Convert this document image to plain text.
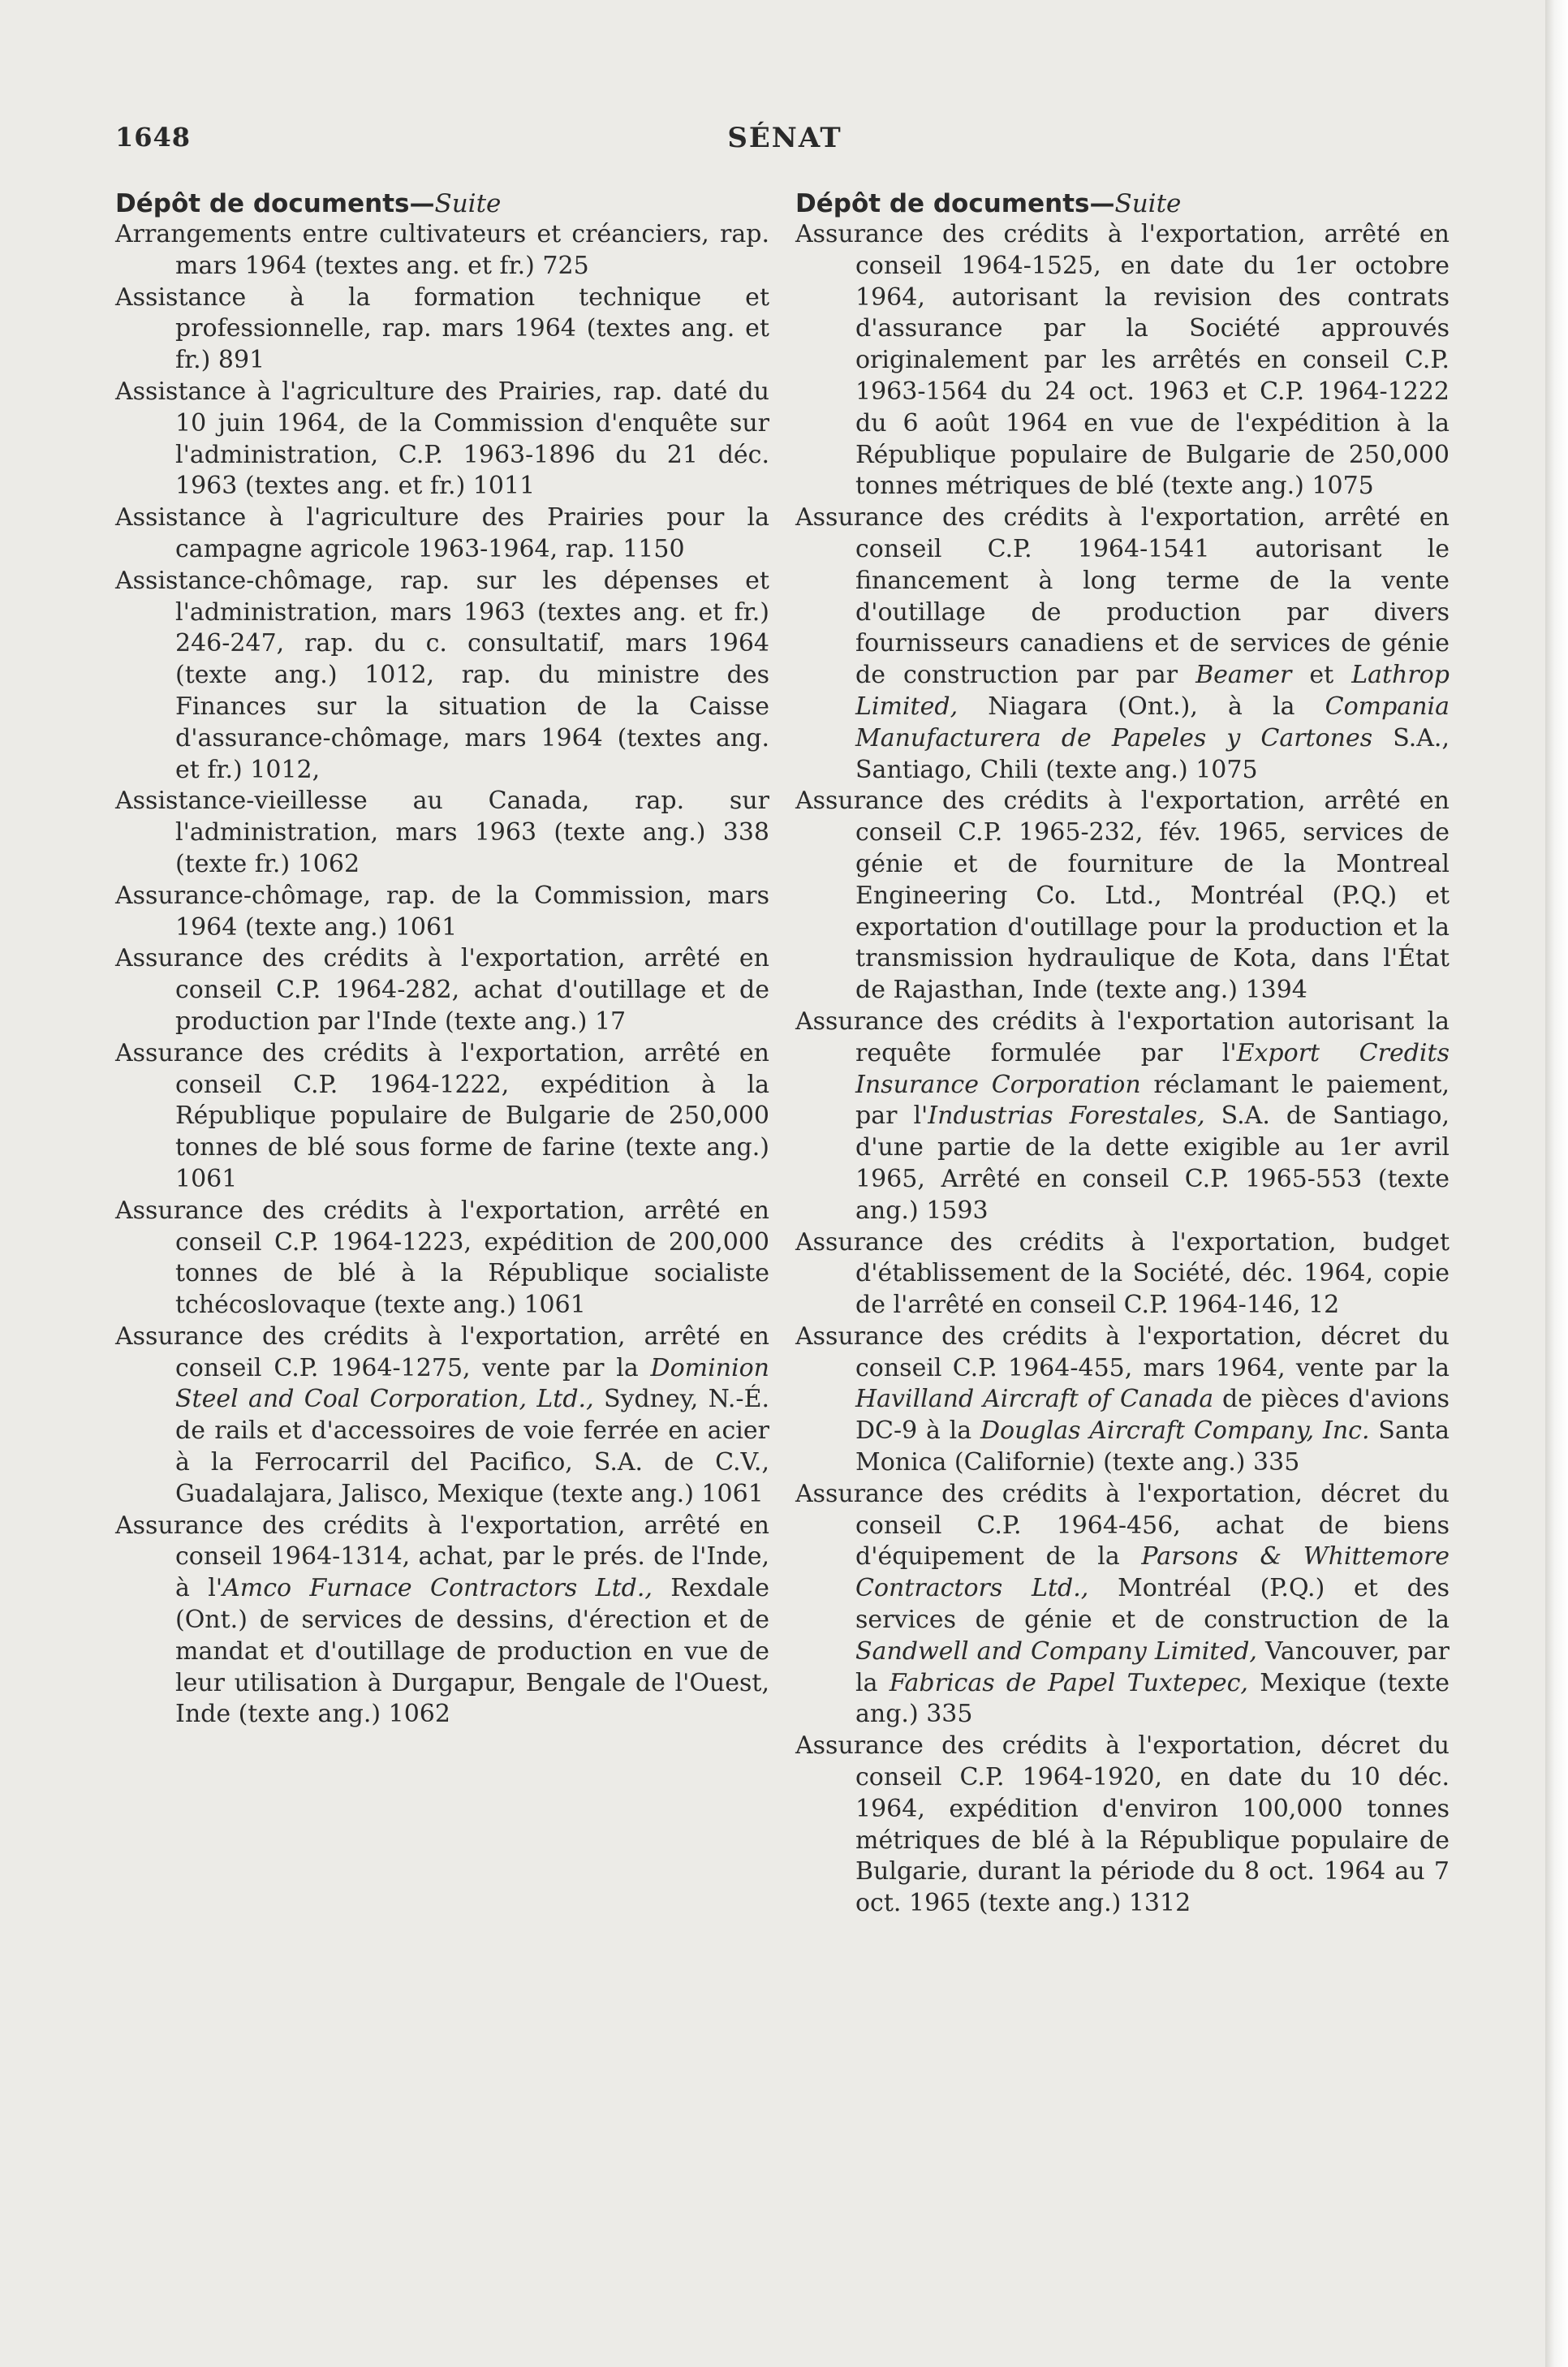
1648	SÉNAT
Dépôt de documents—Suite

Arrangements entre cultivateurs et créanciers, rap. mars 1964 (textes ang. et fr.) 725

Assistance à la formation technique et professionnelle, rap. mars 1964 (textes ang. et fr.) 891

Assistance à l'agriculture des Prairies, rap. daté du 10 juin 1964, de la Commission d'enquête sur l'administration, C.P. 1963-1896 du 21 déc. 1963 (textes ang. et fr.) 1011

Assistance à l'agriculture des Prairies pour la campagne agricole 1963-1964, rap. 1150

Assistance-chômage, rap. sur les dépenses et l'administration, mars 1963 (textes ang. et fr.) 246-247, rap. du c. consultatif, mars 1964 (texte ang.) 1012, rap. du ministre des Finances sur la situation de la Caisse d'assurance-chômage, mars 1964 (textes ang. et fr.) 1012,

Assistance-vieillesse au Canada, rap. sur l'administration, mars 1963 (texte ang.) 338 (texte fr.) 1062

Assurance-chômage, rap. de la Commission, mars 1964 (texte ang.) 1061

Assurance des crédits à l'exportation, arrêté en conseil C.P. 1964-282, achat d'outillage et de production par l'Inde (texte ang.) 17

Assurance des crédits à l'exportation, arrêté en conseil C.P. 1964-1222, expédition à la République populaire de Bulgarie de 250,000 tonnes de blé sous forme de farine (texte ang.) 1061

Assurance des crédits à l'exportation, arrêté en conseil C.P. 1964-1223, expédition de 200,000 tonnes de blé à la République socialiste tchécoslovaque (texte ang.) 1061

Assurance des crédits à l'exportation, arrêté en conseil C.P. 1964-1275, vente par la Dominion Steel and Coal Corporation, Ltd., Sydney, N.-É. de rails et d'accessoires de voie ferrée en acier à la Ferrocarril del Pacifico, S.A. de C.V., Guadalajara, Jalisco, Mexique (texte ang.) 1061

Assurance des crédits à l'exportation, arrêté en conseil 1964-1314, achat, par le prés. de l'Inde, à l'Amco Furnace Contractors Ltd., Rexdale (Ont.) de services de dessins, d'érection et de mandat et d'outillage de production en vue de leur utilisation à Durgapur, Bengale de l'Ouest, Inde (texte ang.) 1062

Dépôt de documents—Suite

Assurance des crédits à l'exportation, arrêté en conseil 1964-1525, en date du 1er octobre 1964, autorisant la revision des contrats d'assurance par la Société approuvés originalement par les arrêtés en conseil C.P. 1963-1564 du 24 oct. 1963 et C.P. 1964-1222 du 6 août 1964 en vue de l'expédition à la République populaire de Bulgarie de 250,000 tonnes métriques de blé (texte ang.) 1075

Assurance des crédits à l'exportation, arrêté en conseil C.P. 1964-1541 autorisant le financement à long terme de la vente d'outillage de production par divers fournisseurs canadiens et de services de génie de construction par par Beamer et Lathrop Limited, Niagara (Ont.), à la Compania Manufacturera de Papeles y Cartones S.A., Santiago, Chili (texte ang.) 1075

Assurance des crédits à l'exportation, arrêté en conseil C.P. 1965-232, fév. 1965, services de génie et de fourniture de la Montreal Engineering Co. Ltd., Montréal (P.Q.) et exportation d'outillage pour la production et la transmission hydraulique de Kota, dans l'État de Rajasthan, Inde (texte ang.) 1394

Assurance des crédits à l'exportation autorisant la requête formulée par l'Export Credits Insurance Corporation réclamant le paiement, par l'Industrias Forestales, S.A. de Santiago, d'une partie de la dette exigible au 1er avril 1965, Arrêté en conseil C.P. 1965-553 (texte ang.) 1593

Assurance des crédits à l'exportation, budget d'établissement de la Société, déc. 1964, copie de l'arrêté en conseil C.P. 1964-146, 12

Assurance des crédits à l'exportation, décret du conseil C.P. 1964-455, mars 1964, vente par la Havilland Aircraft of Canada de pièces d'avions DC-9 à la Douglas Aircraft Company, Inc. Santa Monica (Californie) (texte ang.) 335

Assurance des crédits à l'exportation, décret du conseil C.P. 1964-456, achat de biens d'équipement de la Parsons & Whittemore Contractors Ltd., Montréal (P.Q.) et des services de génie et de construction de la Sandwell and Company Limited, Vancouver, par la Fabricas de Papel Tuxtepec, Mexique (texte ang.) 335

Assurance des crédits à l'exportation, décret du conseil C.P. 1964-1920, en date du 10 déc. 1964, expédition d'environ 100,000 tonnes métriques de blé à la République populaire de Bulgarie, durant la période du 8 oct. 1964 au 7 oct. 1965 (texte ang.) 1312
